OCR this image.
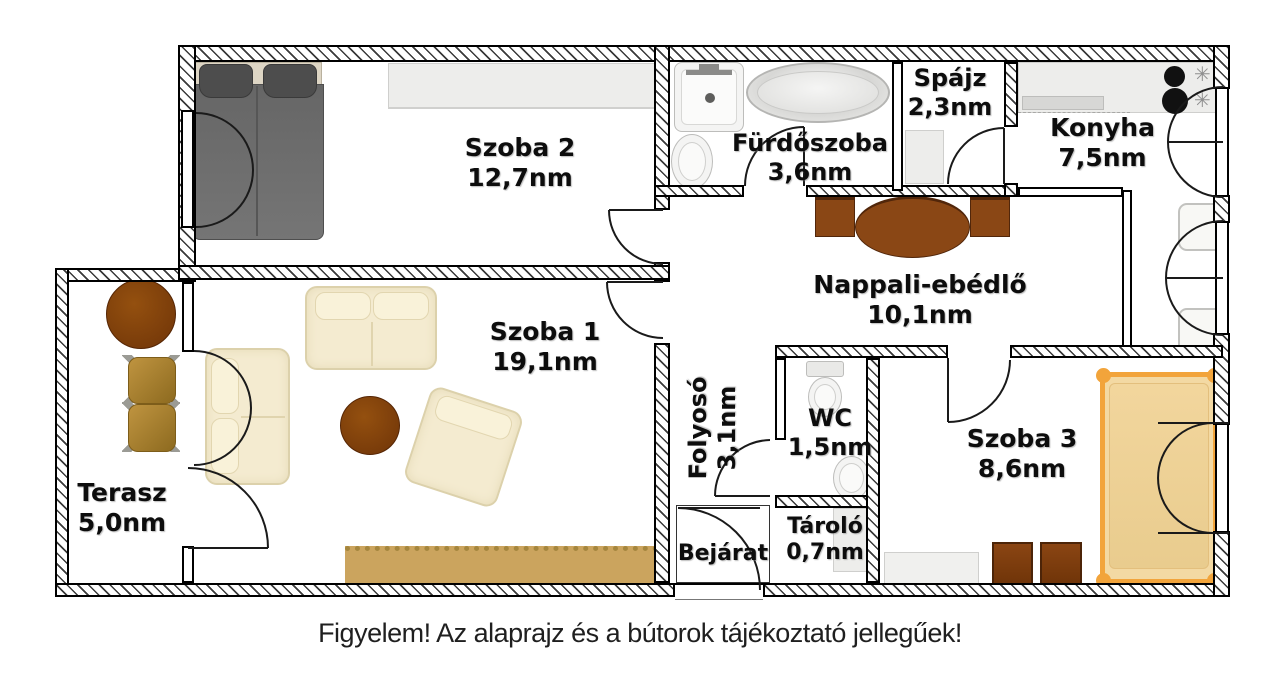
✳
✳
Szoba 2
12,7nm
Fürdőszoba
3,6nm
Spájz
2,3nm
Konyha
7,5nm
Nappali-ebédlő
10,1nm
Szoba 1
19,1nm
Folyosó 3,1nm	WC
1,5nm	Szoba 3
8,6nm
Terasz
5,0nm
Bejárat
Tároló
0,7nm
Figyelem! Az alaprajz és a bútorok tájékoztató jellegűek!
